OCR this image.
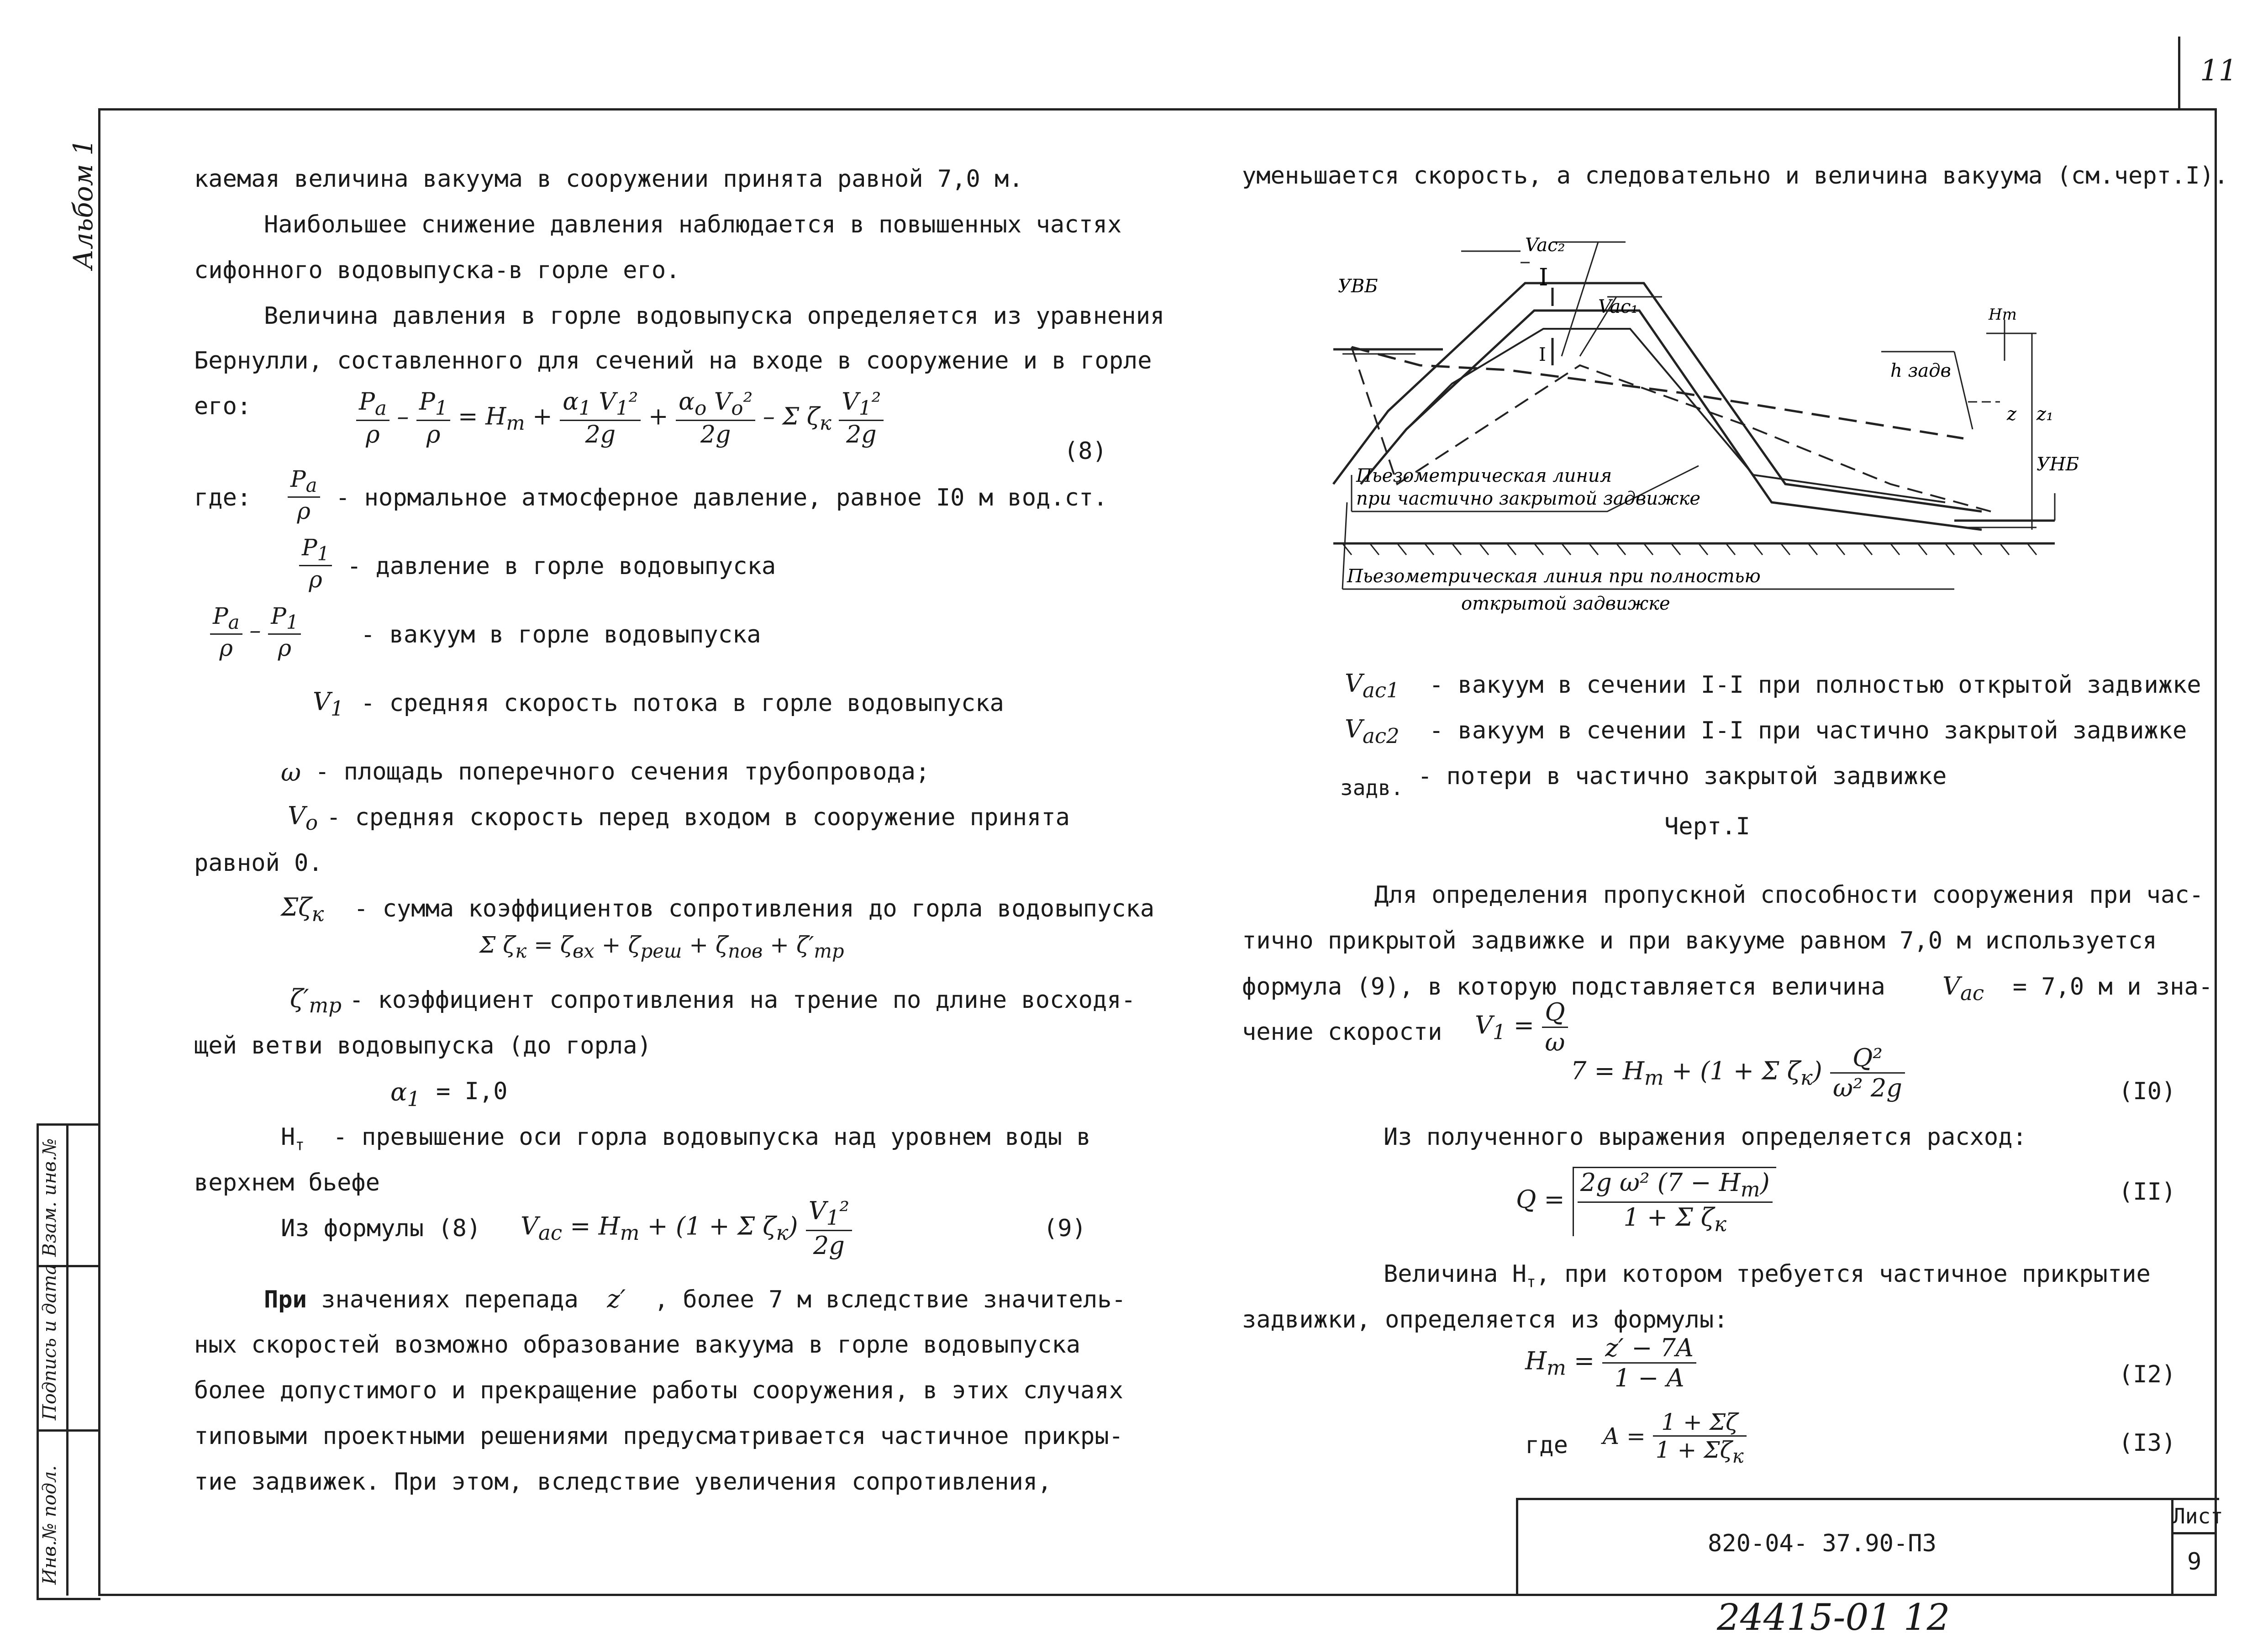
11
Альбом 1
Инв.№ подл.
Подпись и дата
Взам. инв.№
каемая величина вакуума в сооружении принята равной 7,0 м.
Наибольшее снижение давления наблюдается в повышенных частях
сифонного водовыпуска-в горле его.
Величина давления в горле водовыпуска определяется из уравнения
Бернулли, составленного для сечений на входе в сооружение и в горле
его:	$\frac{P_a}{\rho} - \frac{P_1}{\rho} = H_т + \frac{\alpha_1 V_1^2}{2g} + \frac{\alpha_o V_o^2}{2g} - \Sigma$ $\zeta_к \frac{V_1^2}{2g}$
(8)
где: $\frac{P_a}{\rho}$ - нормальное атмосферное давление, равное I0 м вод.ст.
$\frac{P_1}{\rho}$ - давление в горле водовыпуска
$\frac{P_a}{\rho} - \frac{P_1}{\rho}$	- вакуум в горле водовыпуска
$V_1$ - средняя скорость потока в горле водовыпуска
ω - площадь поперечного сечения трубопровода;
$V_o$ - средняя скорость перед входом в сооружение принята
равной 0.
$\Sigma\zeta_к$ - сумма коэффициентов сопротивления до горла водовыпуска
Σ $\zeta_к = \zeta_{вх} + \zeta_{реш} + \zeta_{пов} + \zeta'_{тр}$
$\zeta'_{тр}$ - коэффициент сопротивления на трение по длине восходя-
щей ветви водовыпуска (до горла)
$\alpha_1 = I,0$
$Н_т$ - превышение оси горла водовыпуска над уровнем воды в
верхнем бьефе
Из формулы (8) $V_{ac} = H_т + (1 + \Sigma$ $\zeta_к) \frac{V_1^2}{2g}$	(9)
При значениях перепада z′ , более 7 м вследствие значитель-
ных скоростей возможно образование вакуума в горле водовыпуска
более допустимого и прекращение работы сооружения, в этих случаях
типовыми проектными решениями предусматривается частичное прикры-
тие задвижек. При этом, вследствие увеличения сопротивления,
уменьшается скорость, а следовательно и величина вакуума (см.черт.I).
УВБ	I
I
Vac₂
Vac₁
h задв
Hт
z z₁
УНБ
Пьезометрическая линия
при частично закрытой задвижке
Пьезометрическая линия при полностью
открытой задвижке
$V_{ac1}$ - вакуум в сечении I-I при полностью открытой задвижке
$V_{ac2}$ - вакуум в сечении I-I при частично закрытой задвижке
задв. - потери в частично закрытой задвижке
Черт.I
Для определения пропускной способности сооружения при час-
тично прикрытой задвижке и при вакууме равном 7,0 м используется
формула (9), в которую подставляется величина $V_{ac} = 7,0$ м и зна-
чение скорости $V_1 = \frac{Q}{\omega}$
$7 = H_т + (1 + \Sigma$ $\zeta_к) \frac{\text{Q²}}{\text{ω² 2g}}$	(I0)
Из полученного выражения определяется расход:
$Q = \frac{2g \omega^2 (7 - H_т)}{1 + \Sigma \zeta_к}$	(II)
Величина $Н_т$, при котором требуется частичное прикрытие
задвижки, определяется из формулы:
$H_т = \frac{z' - 7A}{1 - A}$	(I2)
где $A = \frac{1 + \Sigma\zeta}{1 + \Sigma\zeta_к}$	(I3)
820-04- 37.90-ПЗ
Лист
9
24415-01 12
